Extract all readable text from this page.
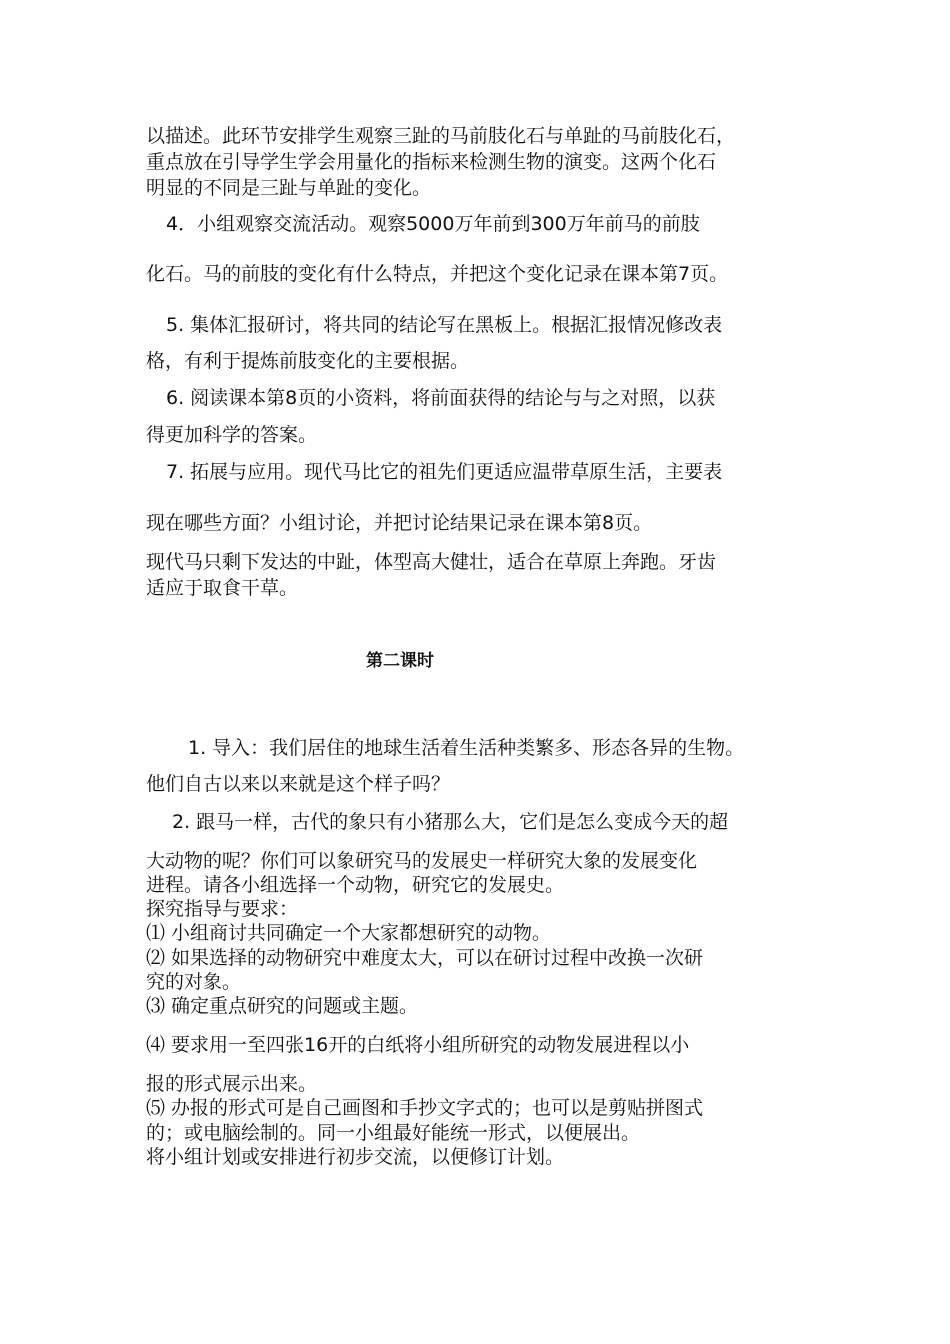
以描述。此环节安排学生观察三趾的马前肢化石与单趾的马前肢化石，

重点放在引导学生学会用量化的指标来检测生物的演变。这两个化石

明显的不同是三趾与单趾的变化。

4．小组观察交流活动。观察5000万年前到300万年前马的前肢

化石。马的前肢的变化有什么特点，并把这个变化记录在课本第7页。

5. 集体汇报研讨，将共同的结论写在黑板上。根据汇报情况修改表

格，有利于提炼前肢变化的主要根据。

6. 阅读课本第8页的小资料，将前面获得的结论与与之对照，以获

得更加科学的答案。

7. 拓展与应用。现代马比它的祖先们更适应温带草原生活，主要表

现在哪些方面？小组讨论，并把讨论结果记录在课本第8页。

现代马只剩下发达的中趾，体型高大健壮，适合在草原上奔跑。牙齿

适应于取食干草。

第二课时

1. 导入：我们居住的地球生活着生活种类繁多、形态各异的生物。

他们自古以来以来就是这个样子吗？

2. 跟马一样，古代的象只有小猪那么大，它们是怎么变成今天的超

大动物的呢？你们可以象研究马的发展史一样研究大象的发展变化

进程。请各小组选择一个动物，研究它的发展史。

探究指导与要求：

⑴ 小组商讨共同确定一个大家都想研究的动物。

⑵ 如果选择的动物研究中难度太大，可以在研讨过程中改换一次研

究的对象。

⑶ 确定重点研究的问题或主题。

⑷ 要求用一至四张16开的白纸将小组所研究的动物发展进程以小

报的形式展示出来。

⑸ 办报的形式可是自己画图和手抄文字式的；也可以是剪贴拼图式

的；或电脑绘制的。同一小组最好能统一形式，以便展出。

将小组计划或安排进行初步交流，以便修订计划。
